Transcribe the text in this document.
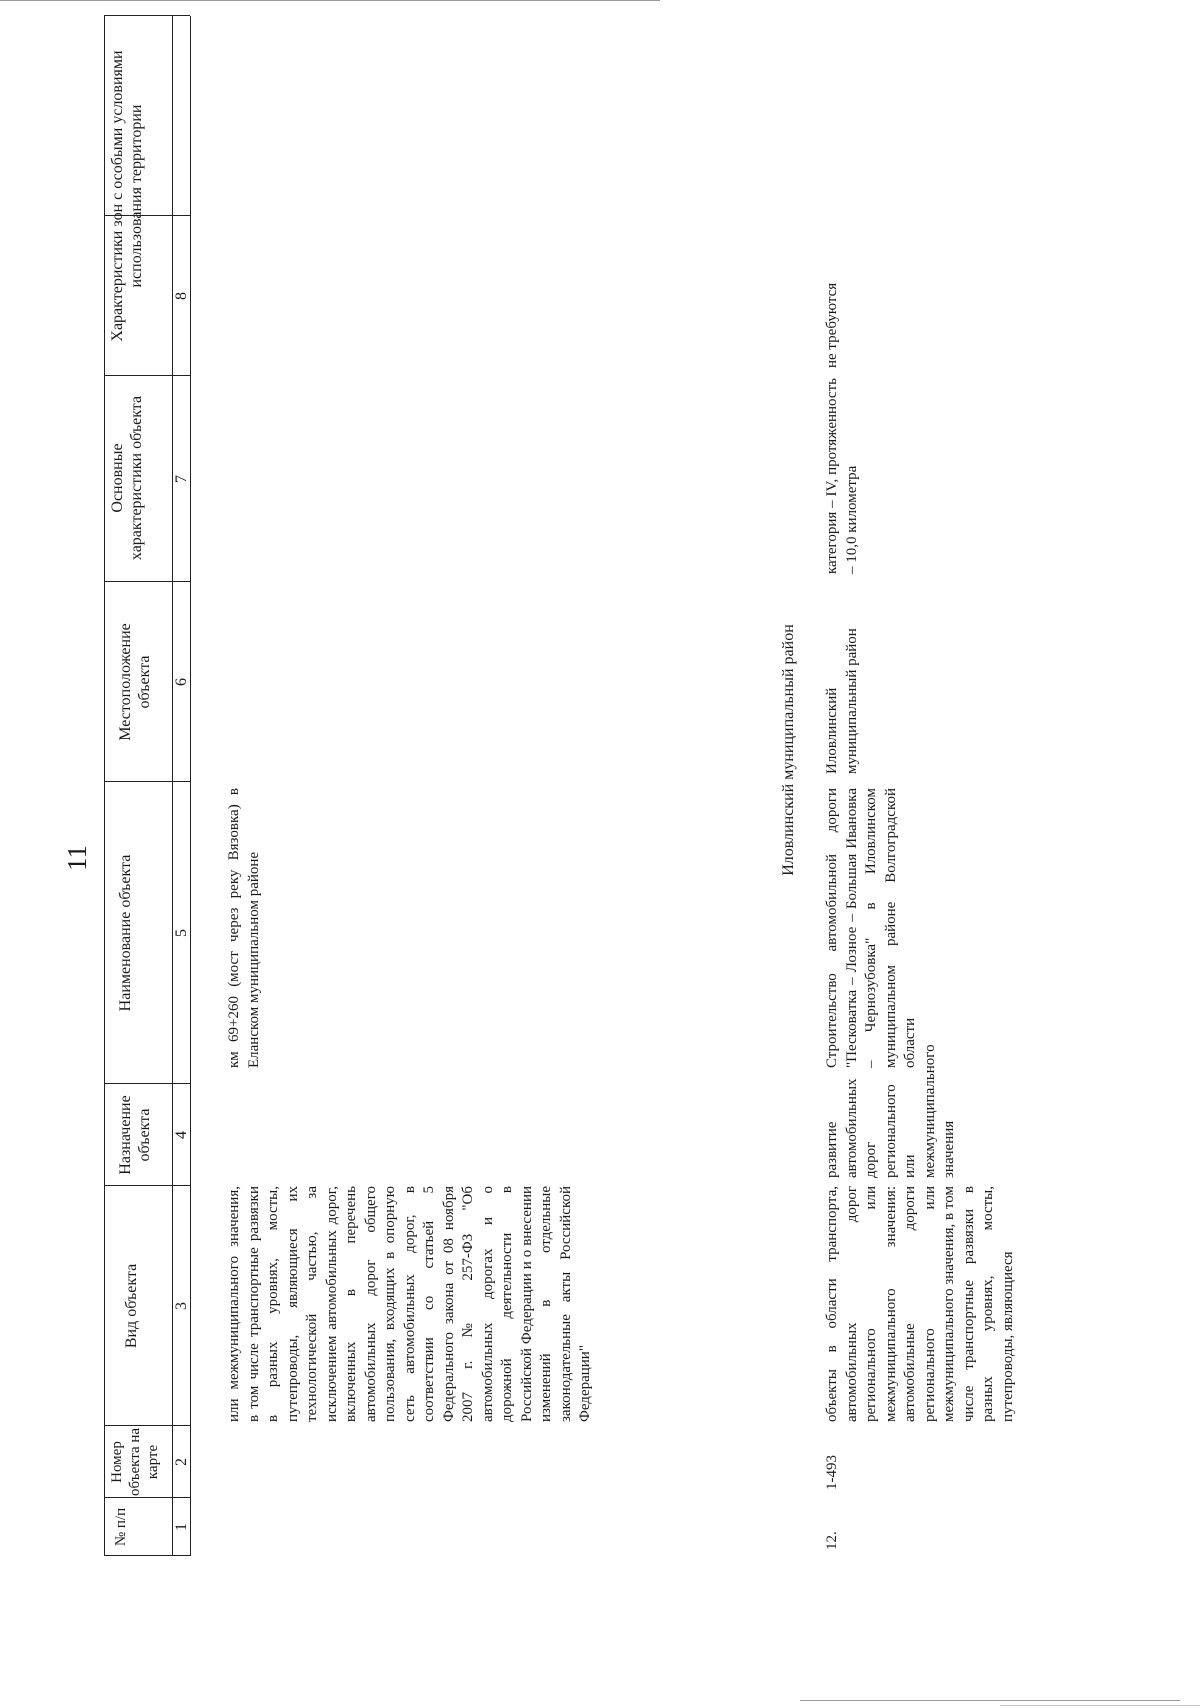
11
№ п/п
Номер объекта на карте
Вид объекта
Назначение объекта
Наименование объекта
Местоположение объекта
Основные характеристики объекта
Характеристики зон с особыми условиями использования территории
1
2
3
4
5
6
7
8
или межмуниципального значения, в том числе транспортные развязки в разных уровнях, мосты, путепроводы, являющиеся их технологической частью, за исключением автомобильных дорог, включенных в перечень автомобильных дорог общего пользования, входящих в опорную сеть автомобильных дорог, в соответствии со статьей 5 Федерального закона от 08 ноября 2007 г. № 257-ФЗ "Об автомобильных дорогах и о дорожной деятельности в Российской Федерации и о внесении изменений в отдельные законодательные акты Российской Федерации"
км 69+260 (мост через реку Вязовка) в Еланском муниципальном районе
Иловлинский муниципальный район
12.
1-493
объекты в области транспорта, автомобильных дорог регионального или межмуниципального значения: автомобильные дороги регионального или межмуниципального значения, в том числе транспортные развязки в разных уровнях, мосты, путепроводы, являющиеся
развитие автомобильных дорог регионального или межмуниципального значения
Строительство автомобильной дороги "Песковатка – Лозное – Большая Ивановка – Чернозубовка" в Иловлинском муниципальном районе Волгоградской области
Иловлинский муниципальный район
категория – IV, протяженность – 10,0 километра
не требуются
